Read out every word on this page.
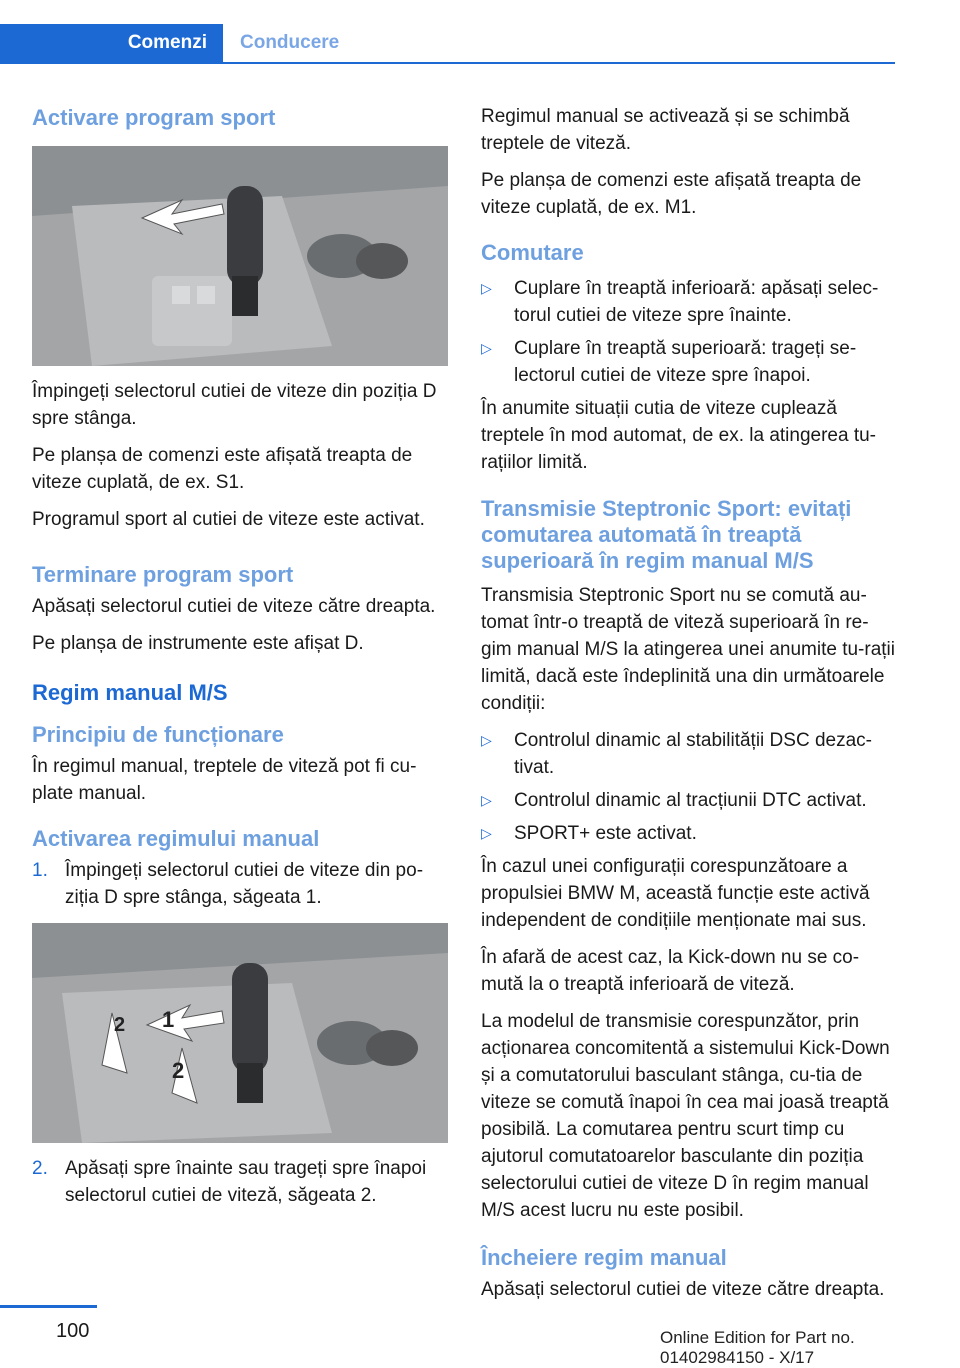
Comenzi	Conducere
Activare program sport

Împingeți selectorul cutiei de viteze din poziția D spre stânga.

Pe planșa de comenzi este afișată treapta de viteze cuplată, de ex. S1.

Programul sport al cutiei de viteze este activat.

Terminare program sport

Apăsați selectorul cutiei de viteze către dreapta.

Pe planșa de instrumente este afișat D.

Regim manual M/S
Principiu de funcționare

În regimul manual, treptele de viteză pot fi cu-plate manual.

Activarea regimului manual
1. Împingeți selectorul cutiei de viteze din po-ziția D spre stânga, săgeata 1.
1
2
2
2. Apăsați spre înainte sau trageți spre înapoi selectorul cutiei de viteză, săgeata 2.

Regimul manual se activează și se schimbă treptele de viteză.

Pe planșa de comenzi este afișată treapta de viteze cuplată, de ex. M1.

Comutare
▷ Cuplare în treaptă inferioară: apăsați selec-torul cutiei de viteze spre înainte.
▷ Cuplare în treaptă superioară: trageți se-lectorul cutiei de viteze spre înapoi.

În anumite situații cutia de viteze cuplează treptele în mod automat, de ex. la atingerea tu-rațiilor limită.

Transmisie Steptronic Sport: evitați comutarea automată în treaptă superioară în regim manual M/S

Transmisia Steptronic Sport nu se comută au-tomat într-o treaptă de viteză superioară în re-gim manual M/S la atingerea unei anumite tu-rații limită, dacă este îndeplinită una din următoarele condiții:

▷ Controlul dinamic al stabilității DSC dezac-tivat.
▷ Controlul dinamic al tracțiunii DTC activat.
▷ SPORT+ este activat.

În cazul unei configurații corespunzătoare a propulsiei BMW M, această funcție este activă independent de condițiile menționate mai sus.

În afară de acest caz, la Kick-down nu se co-mută la o treaptă inferioară de viteză.

La modelul de transmisie corespunzător, prin acționarea concomitentă a sistemului Kick-Down și a comutatorului basculant stânga, cu-tia de viteze se comută înapoi în cea mai joasă treaptă posibilă. La comutarea pentru scurt timp cu ajutorul comutatoarelor basculante din poziția selectorului cutiei de viteze D în regim manual M/S acest lucru nu este posibil.

Încheiere regim manual

Apăsați selectorul cutiei de viteze către dreapta.

100	Online Edition for Part no. 01402984150 - X/17
